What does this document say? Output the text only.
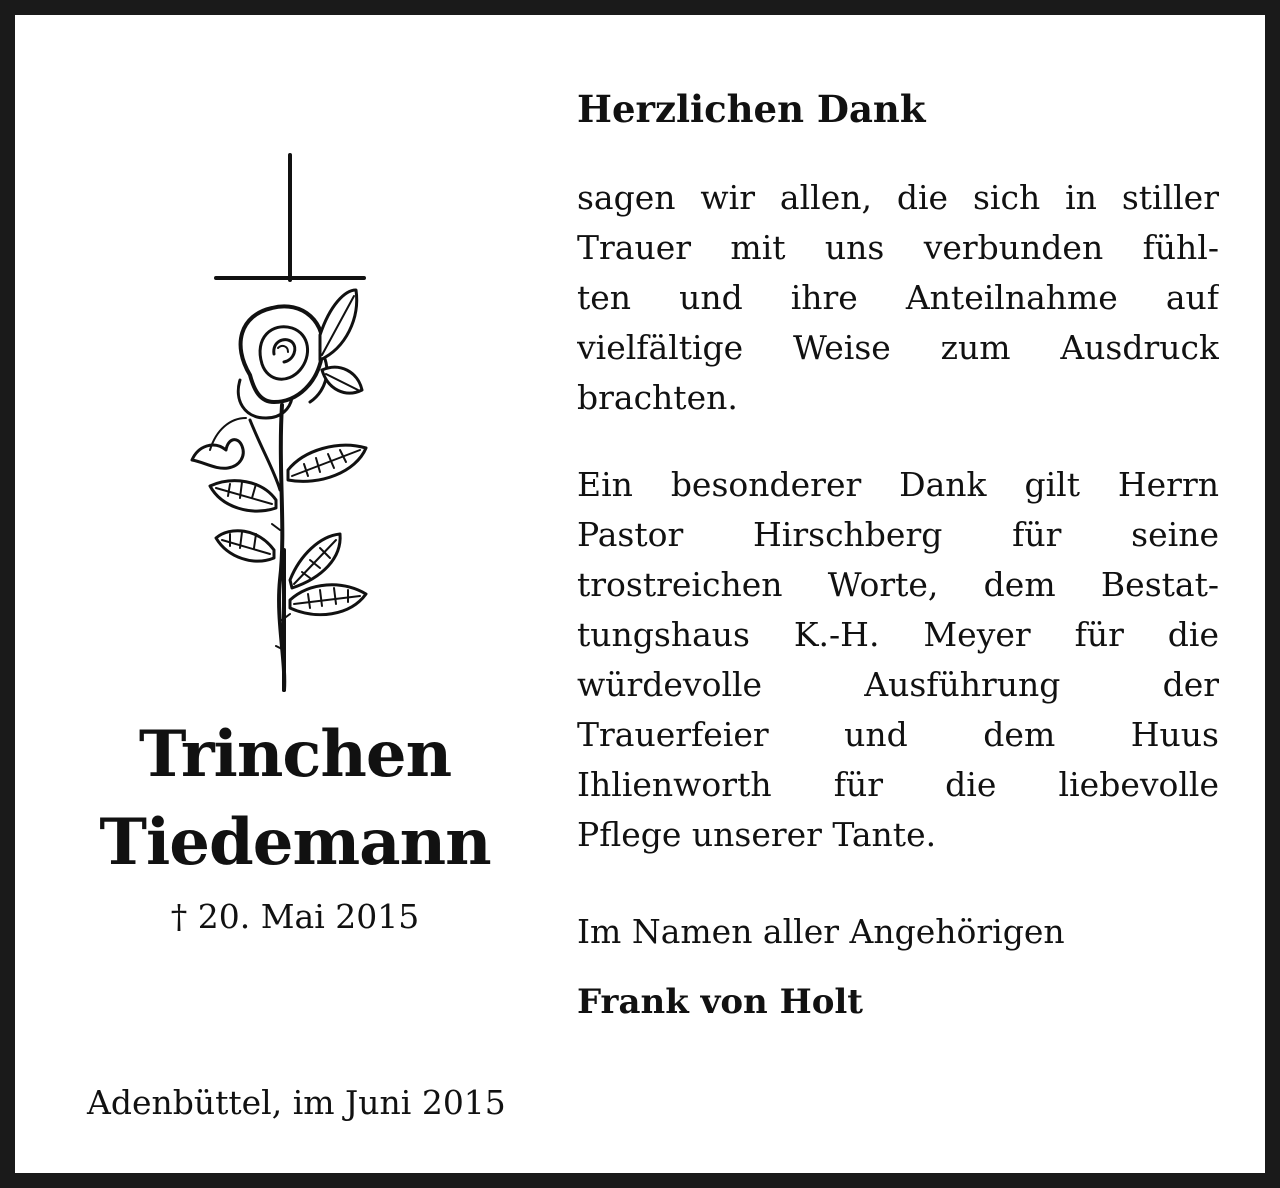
Trinchen
Tiedemann
† 20. Mai 2015
Adenbüttel, im Juni 2015
Herzlichen Dank
sagen wir allen, die sich in stiller
Trauer mit uns verbunden fühl-
ten und ihre Anteilnahme auf
vielfältige Weise zum Ausdruck
brachten.
Ein besonderer Dank gilt Herrn
Pastor Hirschberg für seine
trostreichen Worte, dem Bestat-
tungshaus K.-H. Meyer für die
würdevolle Ausführung der
Trauerfeier und dem Huus
Ihlienworth für die liebevolle
Pflege unserer Tante.
Im Namen aller Angehörigen
Frank von Holt
